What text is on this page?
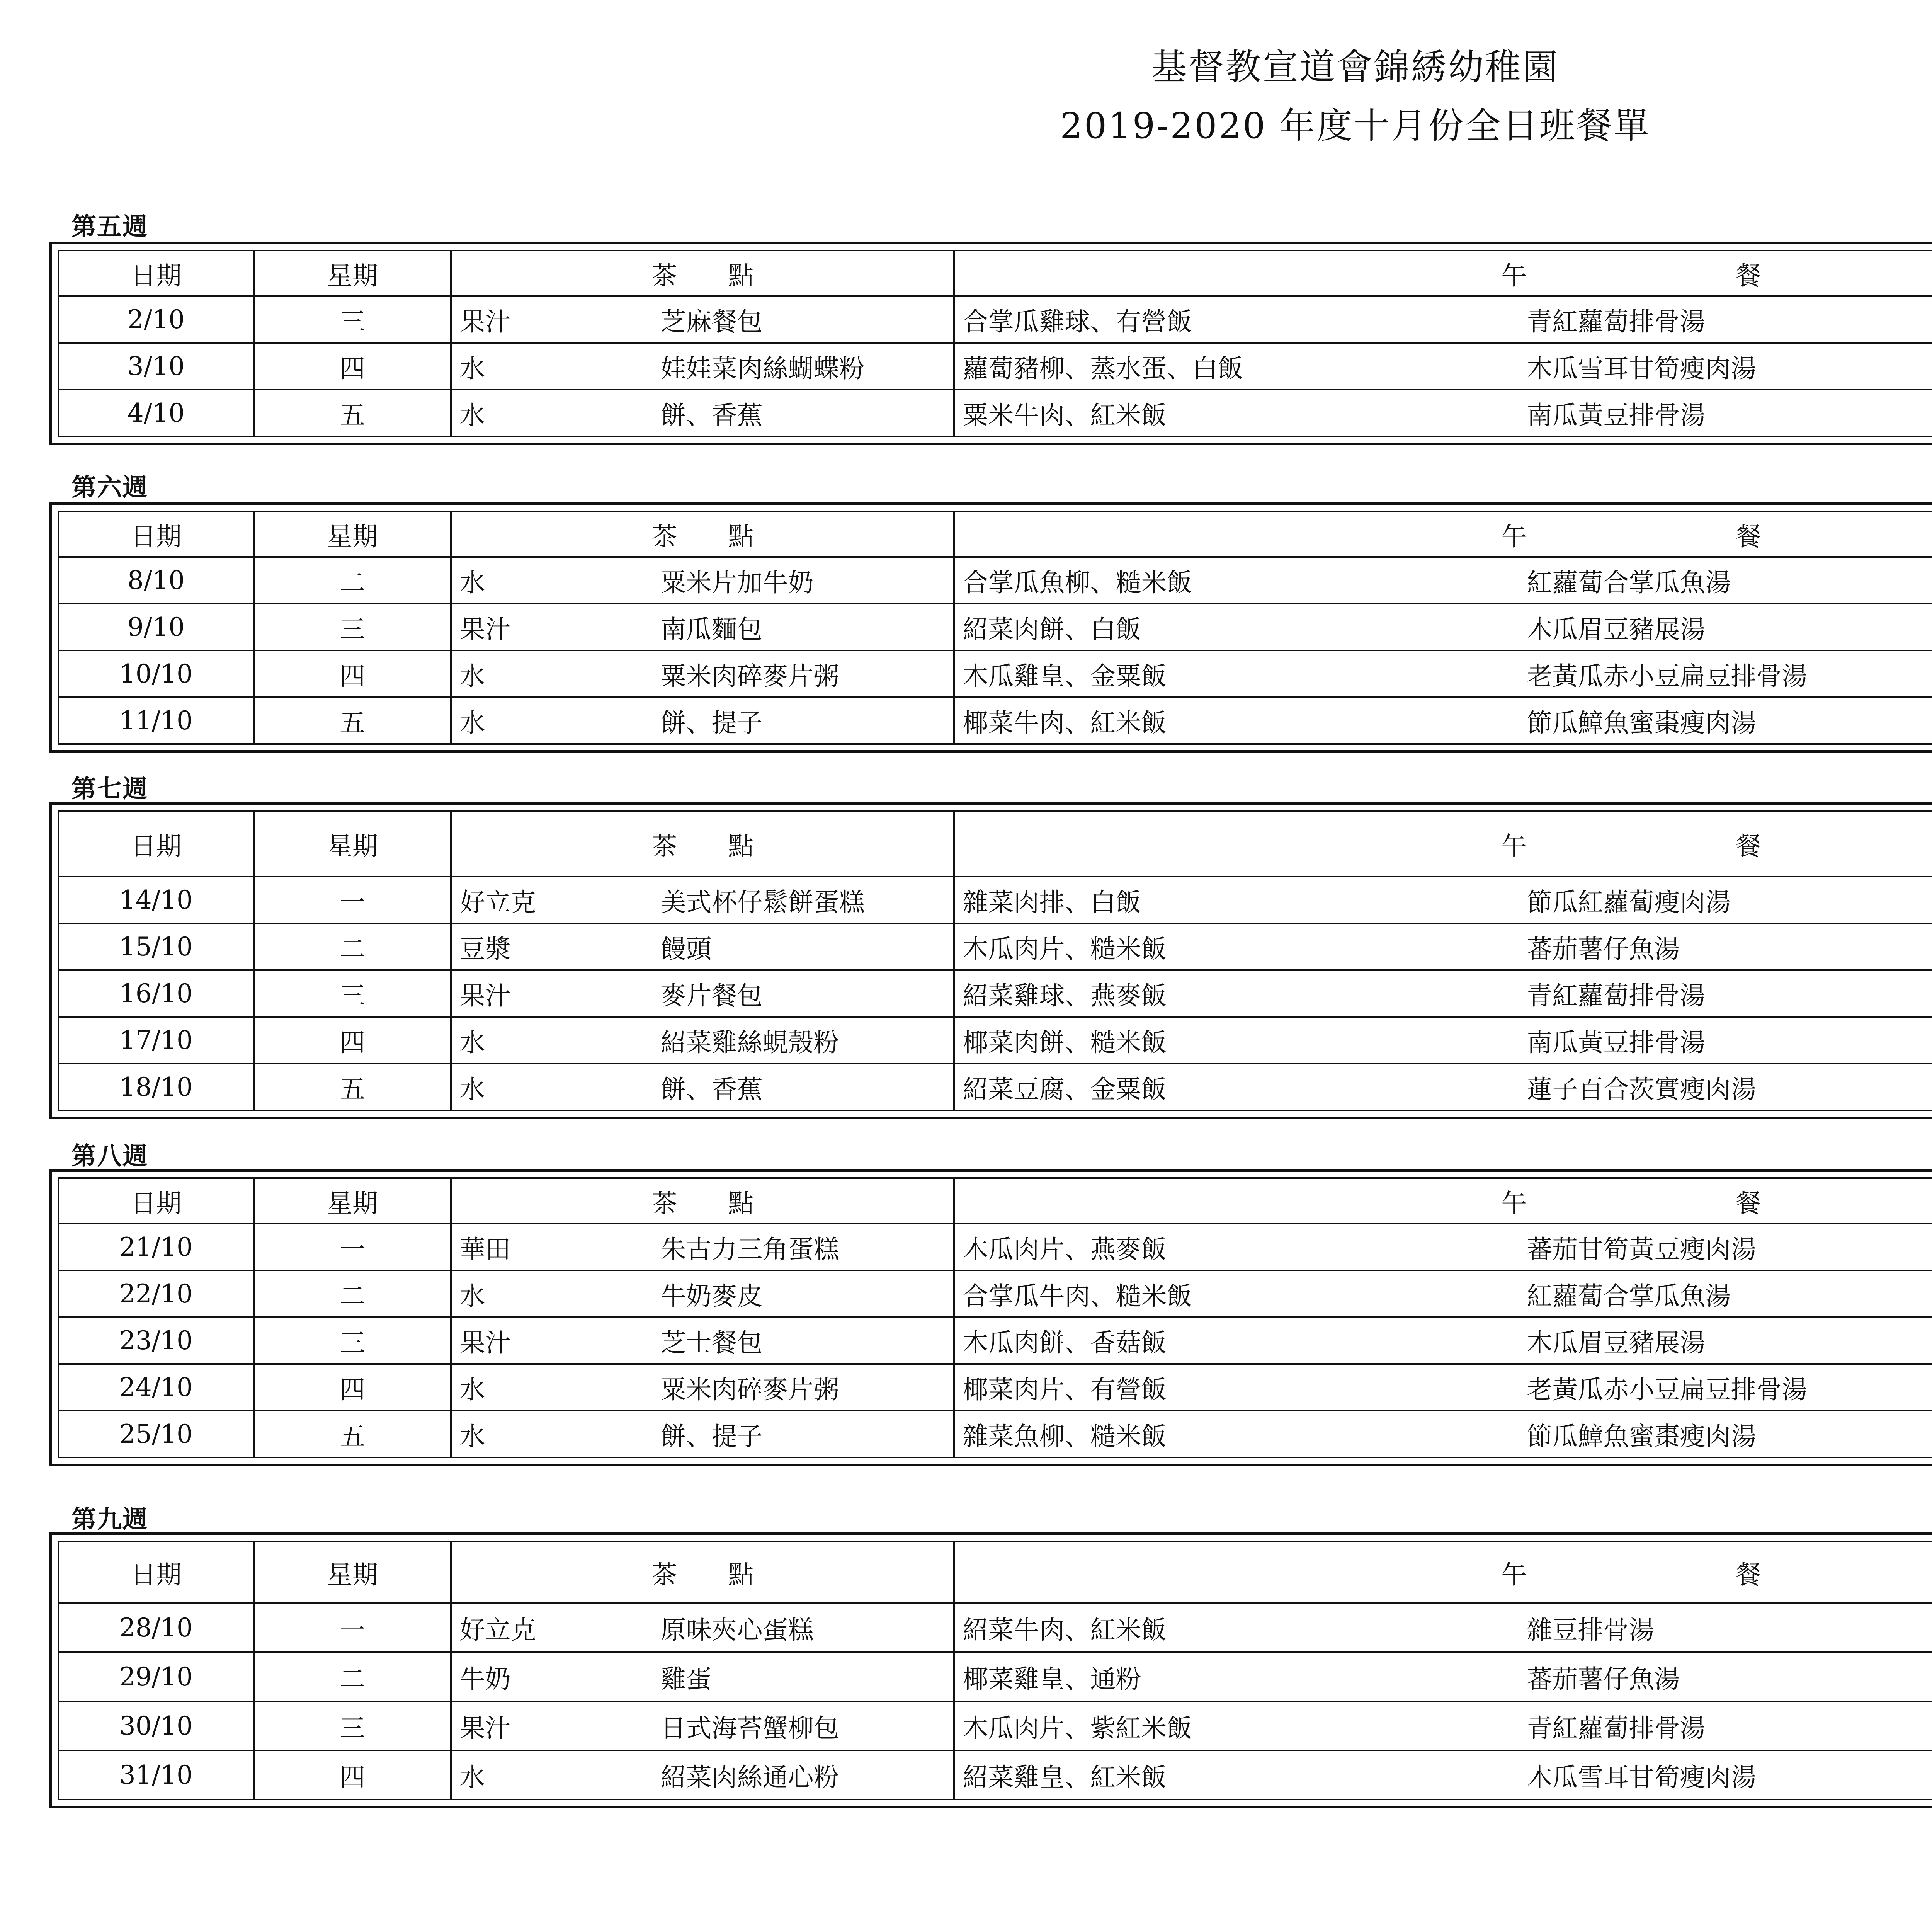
基督教宣道會錦綉幼稚園
2019-2020 年度十月份全日班餐單
第五週
日期	星期	茶　　點	午 餐

2/10	三	果汁 芝麻餐包	合掌瓜雞球、有營飯 青紅蘿蔔排骨湯

3/10	四	水 娃娃菜肉絲蝴蝶粉	蘿蔔豬柳、蒸水蛋、白飯 木瓜雪耳甘筍瘦肉湯

4/10	五	水 餅、香蕉	粟米牛肉、紅米飯 南瓜黃豆排骨湯

第六週
日期	星期	茶　　點	午 餐

8/10	二	水 粟米片加牛奶	合掌瓜魚柳、糙米飯 紅蘿蔔合掌瓜魚湯

9/10	三	果汁 南瓜麵包	紹菜肉餅、白飯 木瓜眉豆豬展湯

10/10	四	水 粟米肉碎麥片粥	木瓜雞皇、金粟飯 老黃瓜赤小豆扁豆排骨湯

11/10	五	水 餅、提子	椰菜牛肉、紅米飯 節瓜鱆魚蜜棗瘦肉湯

第七週
日期	星期	茶　　點	午 餐

14/10	一	好立克 美式杯仔鬆餅蛋糕	雜菜肉排、白飯 節瓜紅蘿蔔瘦肉湯

15/10	二	豆漿 饅頭	木瓜肉片、糙米飯 蕃茄薯仔魚湯

16/10	三	果汁 麥片餐包	紹菜雞球、燕麥飯 青紅蘿蔔排骨湯

17/10	四	水 紹菜雞絲蜆殼粉	椰菜肉餅、糙米飯 南瓜黃豆排骨湯

18/10	五	水 餅、香蕉	紹菜豆腐、金粟飯 蓮子百合茨實瘦肉湯

第八週
日期	星期	茶　　點	午 餐

21/10	一	華田 朱古力三角蛋糕	木瓜肉片、燕麥飯 蕃茄甘筍黃豆瘦肉湯

22/10	二	水 牛奶麥皮	合掌瓜牛肉、糙米飯 紅蘿蔔合掌瓜魚湯

23/10	三	果汁 芝士餐包	木瓜肉餅、香菇飯 木瓜眉豆豬展湯

24/10	四	水 粟米肉碎麥片粥	椰菜肉片、有營飯 老黃瓜赤小豆扁豆排骨湯

25/10	五	水 餅、提子	雜菜魚柳、糙米飯 節瓜鱆魚蜜棗瘦肉湯

第九週
日期	星期	茶　　點	午 餐

28/10	一	好立克 原味夾心蛋糕	紹菜牛肉、紅米飯 雜豆排骨湯

29/10	二	牛奶 雞蛋	椰菜雞皇、通粉 蕃茄薯仔魚湯

30/10	三	果汁 日式海苔蟹柳包	木瓜肉片、紫紅米飯 青紅蘿蔔排骨湯

31/10	四	水 紹菜肉絲通心粉	紹菜雞皇、紅米飯 木瓜雪耳甘筍瘦肉湯
